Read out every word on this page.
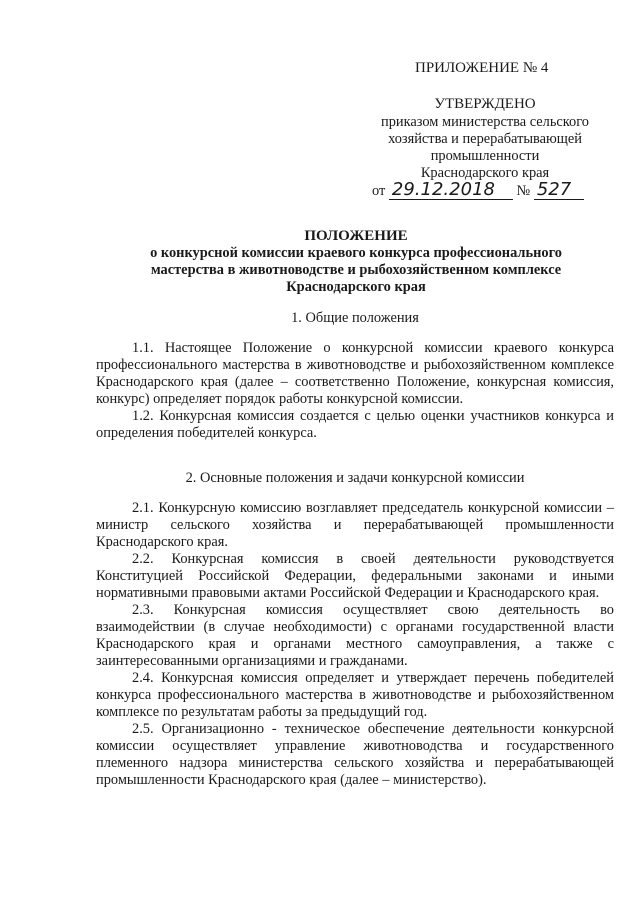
ПРИЛОЖЕНИЕ № 4
УТВЕРЖДЕНО
приказом министерства сельского
хозяйства и перерабатывающей
промышленности
Краснодарского края
от 29.12.2018 № 527
ПОЛОЖЕНИЕ
о конкурсной комиссии краевого конкурса профессионального
мастерства в животноводстве и рыбохозяйственном комплексе
Краснодарского края
1. Общие положения

1.1. Настоящее Положение о конкурсной комиссии краевого конкурса профессионального мастерства в животноводстве и рыбохозяйственном комплексе Краснодарского края (далее – соответственно Положение, конкурсная комиссия, конкурс) определяет порядок работы конкурсной комиссии.

1.2. Конкурсная комиссия создается с целью оценки участников конкурса и определения победителей конкурса.

2. Основные положения и задачи конкурсной комиссии

2.1. Конкурсную комиссию возглавляет председатель конкурсной комиссии – министр сельского хозяйства и перерабатывающей промышленности Краснодарского края.

2.2. Конкурсная комиссия в своей деятельности руководствуется Конституцией Российской Федерации, федеральными законами и иными нормативными правовыми актами Российской Федерации и Краснодарского края.

2.3. Конкурсная комиссия осуществляет свою деятельность во взаимодействии (в случае необходимости) с органами государственной власти Краснодарского края и органами местного самоуправления, а также с заинтересованными организациями и гражданами.

2.4. Конкурсная комиссия определяет и утверждает перечень победителей конкурса профессионального мастерства в животноводстве и рыбохозяйственном комплексе по результатам работы за предыдущий год.

2.5. Организационно - техническое обеспечение деятельности конкурсной комиссии осуществляет управление животноводства и государственного племенного надзора министерства сельского хозяйства и перерабатывающей промышленности Краснодарского края (далее – министерство).
